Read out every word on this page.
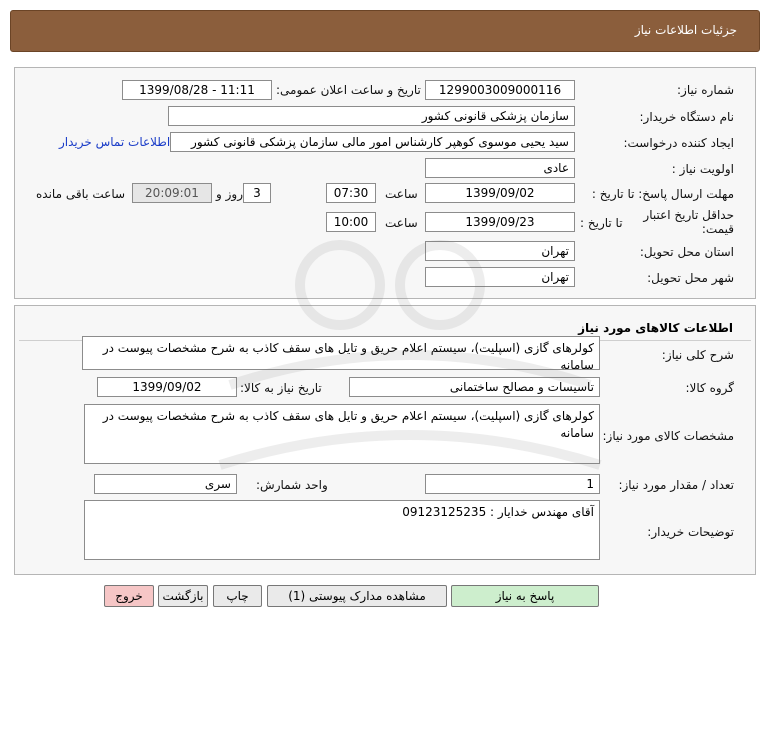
جزئیات اطلاعات نیاز
شماره نیاز:
1299003009000116
تاریخ و ساعت اعلان عمومی:
1399/08/28 - 11:11
نام دستگاه خریدار:
سازمان پزشکی قانونی کشور
ایجاد کننده درخواست:
سید یحیی موسوی کوهپر کارشناس امور مالی سازمان پزشکی قانونی کشور
اطلاعات تماس خریدار
اولویت نیاز :
عادی
مهلت ارسال پاسخ: تا تاریخ :
1399/09/02
ساعت
07:30
3
روز و
20:09:01
ساعت باقی مانده
حداقل تاریخ اعتبار قیمت:
تا تاریخ :
1399/09/23
ساعت
10:00
استان محل تحویل:
تهران
شهر محل تحویل:
تهران
اطلاعات کالاهای مورد نیاز
شرح کلی نیاز:
کولرهای گازی (اسپلیت)، سیستم اعلام حریق و تایل های سقف کاذب به شرح مشخصات پیوست در سامانه
گروه کالا:
تاسیسات و مصالح ساختمانی
تاریخ نیاز به کالا:
1399/09/02
مشخصات کالای مورد نیاز:
کولرهای گازی (اسپلیت)، سیستم اعلام حریق و تایل های سقف کاذب به شرح مشخصات پیوست در سامانه
تعداد / مقدار مورد نیاز:
1
واحد شمارش:
سری
توضیحات خریدار:
آقای مهندس خدایار : 09123125235
پاسخ به نیاز
مشاهده مدارک پیوستی (1)
چاپ
بازگشت
خروج
